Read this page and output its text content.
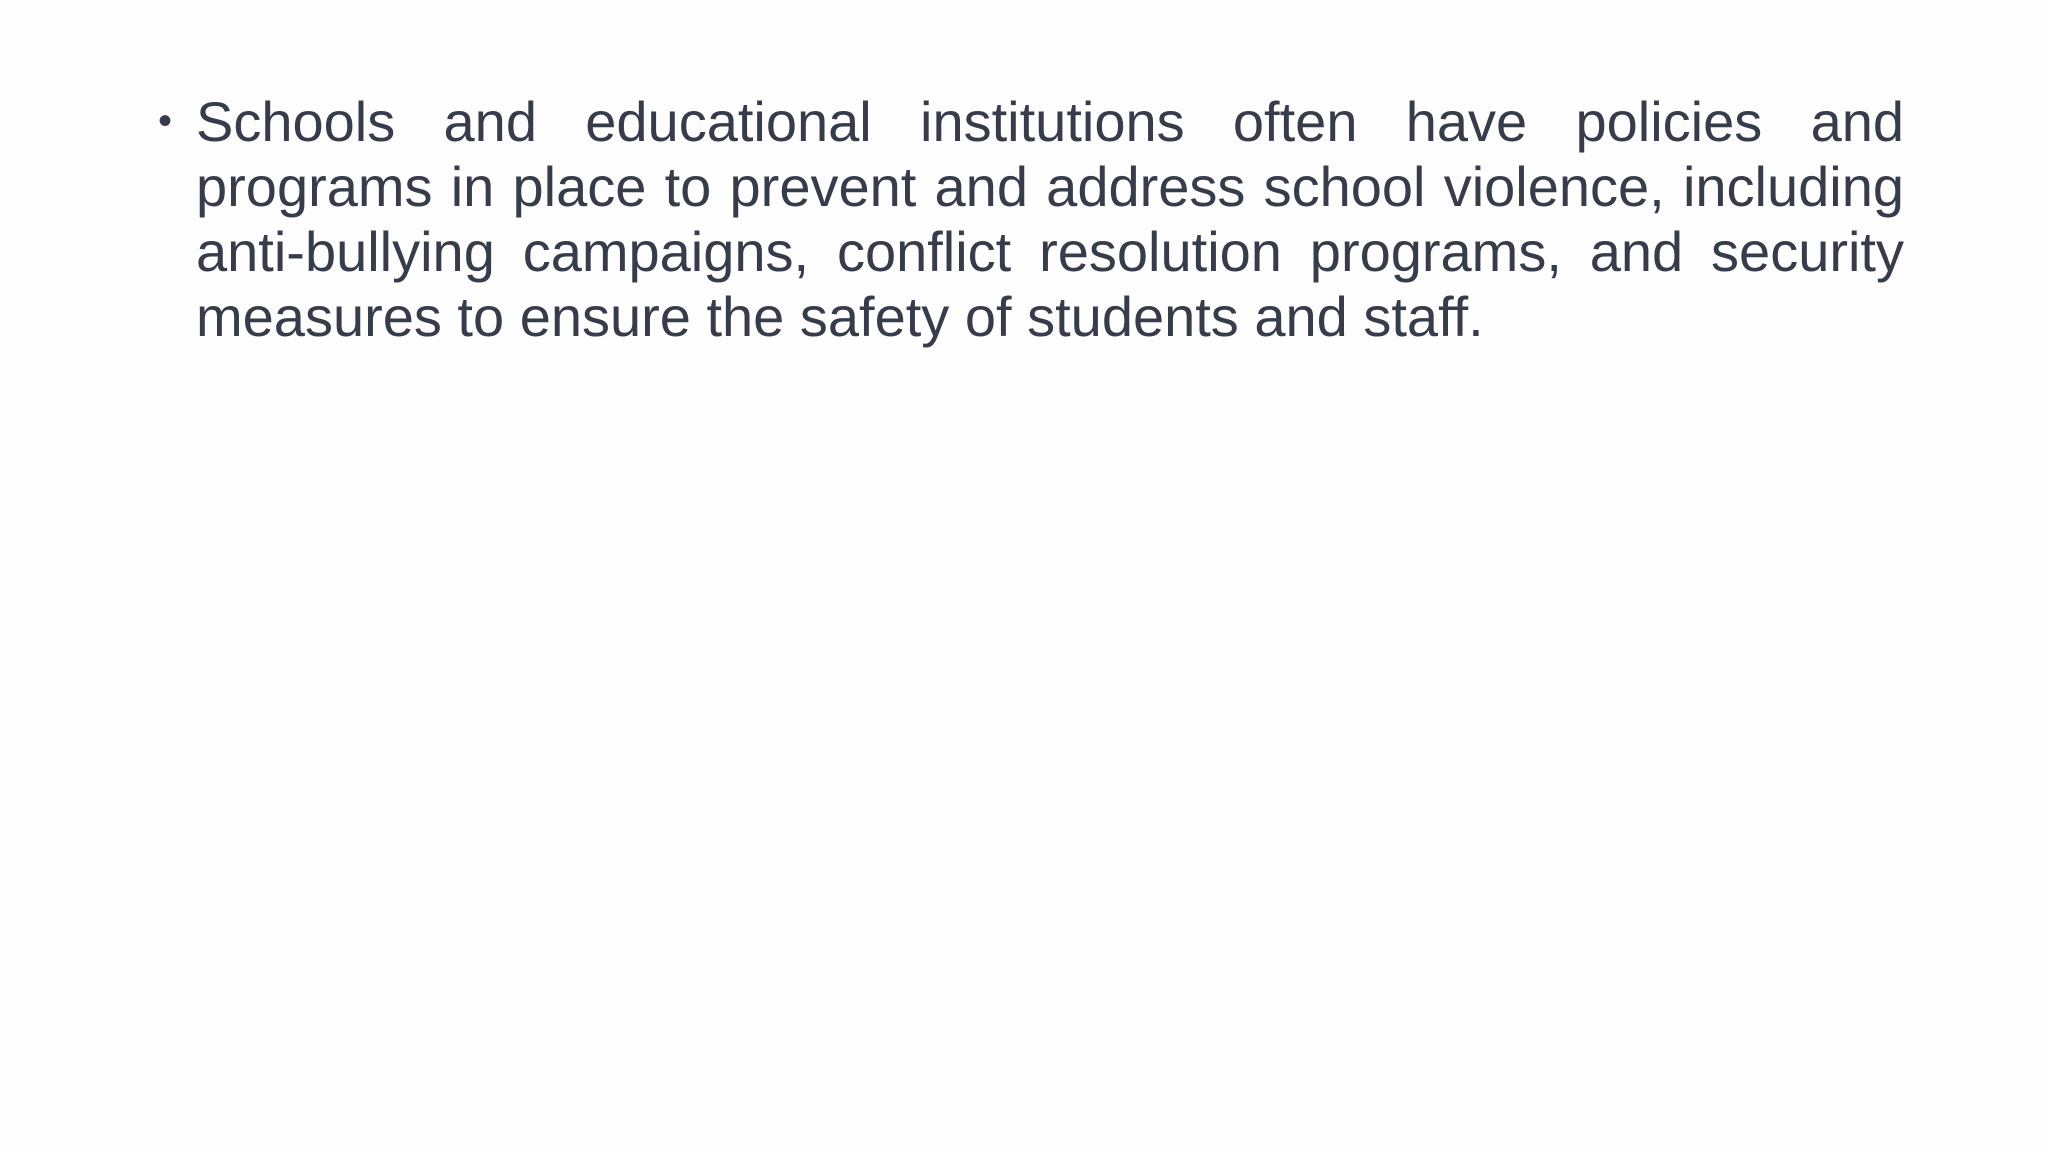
• Schools and educational institutions often have policies and programs in place to prevent and address school violence, including anti-bullying campaigns, conflict resolution programs, and security measures to ensure the safety of students and staff.
